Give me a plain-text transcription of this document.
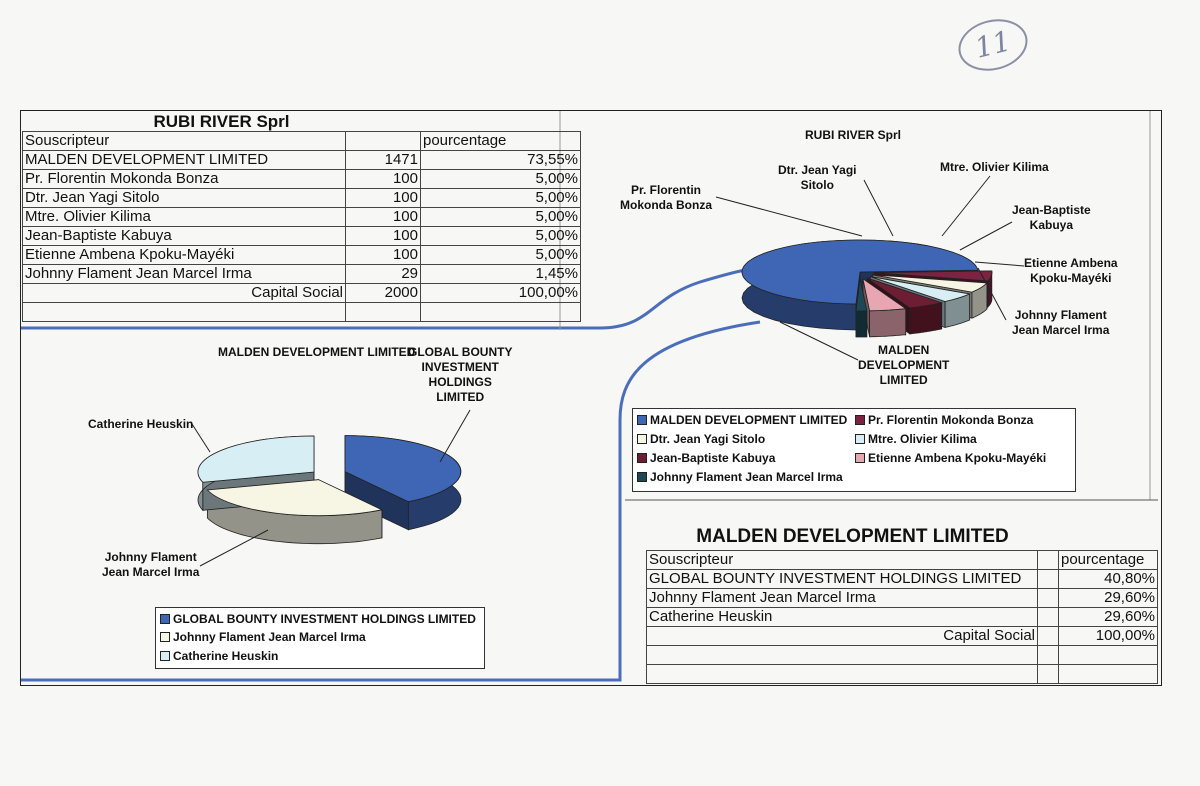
11
RUBI RIVER Sprl			
Souscripteur		pourcentage	
MALDEN DEVELOPMENT LIMITED	1471	73,55%	
Pr. Florentin Mokonda Bonza	100	5,00%	
Dtr. Jean Yagi Sitolo	100	5,00%	
Mtre. Olivier Kilima	100	5,00%	
Jean-Baptiste Kabuya	100	5,00%	
Etienne Ambena Kpoku-Mayéki	100	5,00%	
Johnny Flament Jean Marcel Irma	29	1,45%	
Capital Social	2000	100,00%	

RUBI RIVER Sprl
Pr. Florentin
Mokonda Bonza
Dtr. Jean Yagi
Sitolo
Mtre. Olivier Kilima
Jean-Baptiste
Kabuya
Etienne Ambena
Kpoku-Mayéki
Johnny Flament
Jean Marcel Irma
MALDEN
DEVELOPMENT
LIMITED
MALDEN DEVELOPMENT LIMITED Pr. Florentin Mokonda Bonza
Dtr. Jean Yagi Sitolo	Mtre. Olivier Kilima
Jean-Baptiste Kabuya	Etienne Ambena Kpoku-Mayéki
Johnny Flament Jean Marcel Irma
MALDEN DEVELOPMENT LIMITED
GLOBAL BOUNTY
INVESTMENT
HOLDINGS
LIMITED
Catherine Heuskin
Johnny Flament
Jean Marcel Irma
GLOBAL BOUNTY INVESTMENT HOLDINGS LIMITED
Johnny Flament Jean Marcel Irma
Catherine Heuskin
MALDEN DEVELOPMENT LIMITED		
Souscripteur		pourcentage
GLOBAL BOUNTY INVESTMENT HOLDINGS LIMITED		40,80%
Johnny Flament Jean Marcel Irma		29,60%
Catherine Heuskin		29,60%
Capital Social		100,00%
